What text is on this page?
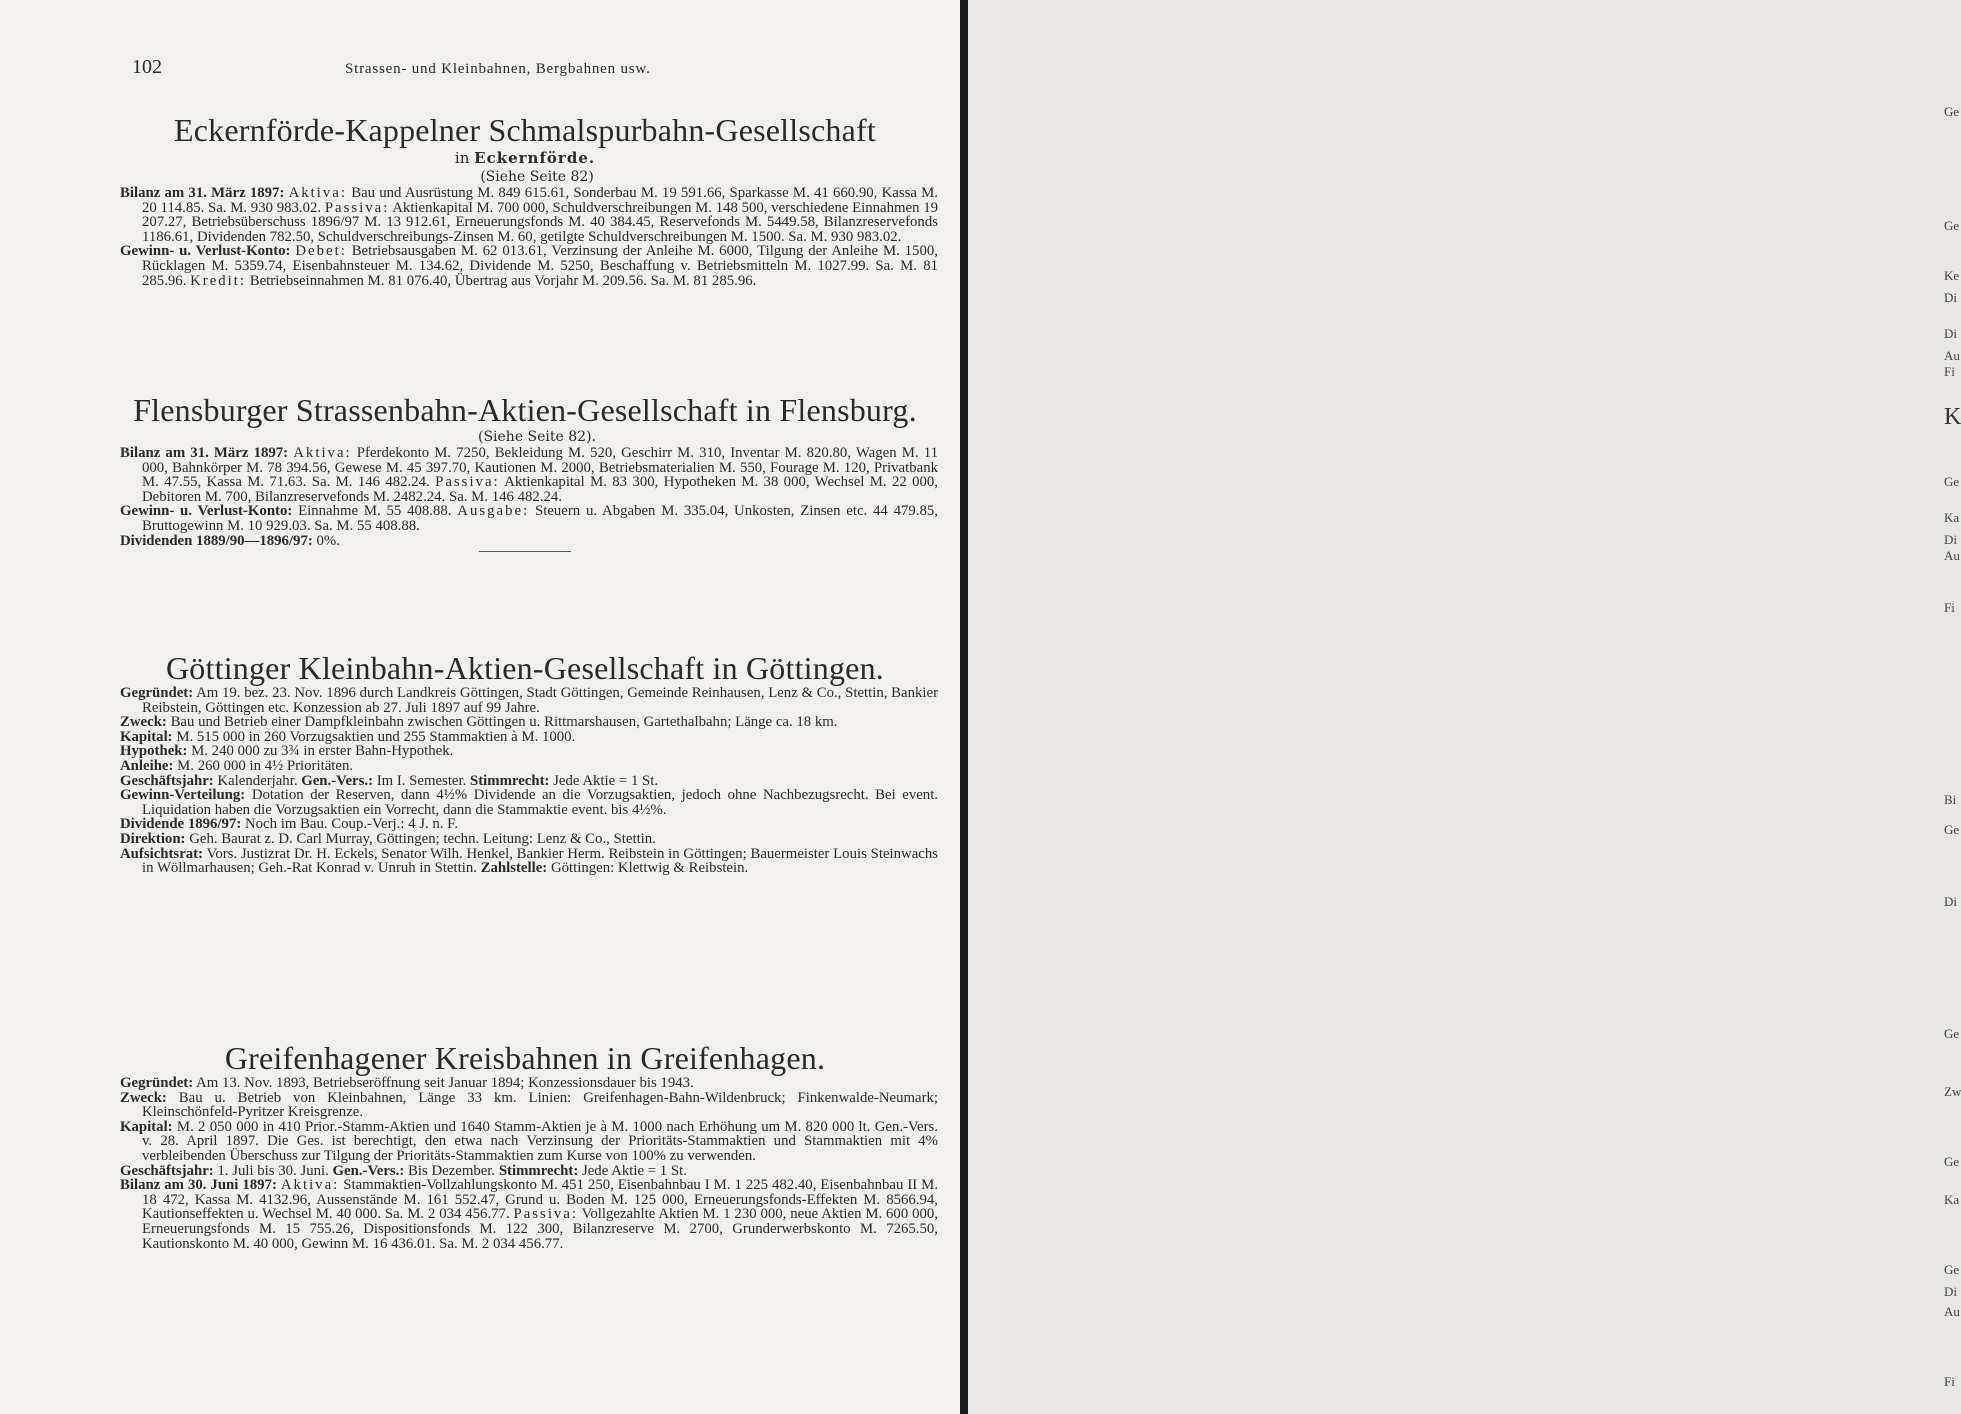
102	Strassen- und Kleinbahnen, Bergbahnen usw.
Eckernförde-Kappelner Schmalspurbahn-Gesellschaft
in Eckernförde.
(Siehe Seite 82)

Bilanz am 31. März 1897: Aktiva: Bau und Ausrüstung M. 849 615.61, Sonderbau M. 19 591.66, Sparkasse M. 41 660.90, Kassa M. 20 114.85. Sa. M. 930 983.02. Passiva: Aktienkapital M. 700 000, Schuldverschreibungen M. 148 500, verschiedene Einnahmen 19 207.27, Betriebsüberschuss 1896/97 M. 13 912.61, Erneuerungsfonds M. 40 384.45, Reservefonds M. 5449.58, Bilanzreservefonds 1186.61, Dividenden 782.50, Schuldverschreibungs-Zinsen M. 60, getilgte Schuldverschreibungen M. 1500. Sa. M. 930 983.02.

Gewinn- u. Verlust-Konto: Debet: Betriebsausgaben M. 62 013.61, Verzinsung der Anleihe M. 6000, Tilgung der Anleihe M. 1500, Rücklagen M. 5359.74, Eisenbahnsteuer M. 134.62, Dividende M. 5250, Beschaffung v. Betriebsmitteln M. 1027.99. Sa. M. 81 285.96. Kredit: Betriebseinnahmen M. 81 076.40, Übertrag aus Vorjahr M. 209.56. Sa. M. 81 285.96.

Flensburger Strassenbahn-Aktien-Gesellschaft in Flensburg.
(Siehe Seite 82).

Bilanz am 31. März 1897: Aktiva: Pferdekonto M. 7250, Bekleidung M. 520, Geschirr M. 310, Inventar M. 820.80, Wagen M. 11 000, Bahnkörper M. 78 394.56, Gewese M. 45 397.70, Kautionen M. 2000, Betriebsmaterialien M. 550, Fourage M. 120, Privatbank M. 47.55, Kassa M. 71.63. Sa. M. 146 482.24. Passiva: Aktienkapital M. 83 300, Hypotheken M. 38 000, Wechsel M. 22 000, Debitoren M. 700, Bilanzreservefonds M. 2482.24. Sa. M. 146 482.24.

Gewinn- u. Verlust-Konto: Einnahme M. 55 408.88. Ausgabe: Steuern u. Abgaben M. 335.04, Unkosten, Zinsen etc. 44 479.85, Bruttogewinn M. 10 929.03. Sa. M. 55 408.88.

Dividenden 1889/90—1896/97: 0%.

Göttinger Kleinbahn-Aktien-Gesellschaft in Göttingen.

Gegründet: Am 19. bez. 23. Nov. 1896 durch Landkreis Göttingen, Stadt Göttingen, Gemeinde Reinhausen, Lenz & Co., Stettin, Bankier Reibstein, Göttingen etc. Konzession ab 27. Juli 1897 auf 99 Jahre.

Zweck: Bau und Betrieb einer Dampfkleinbahn zwischen Göttingen u. Rittmarshausen, Gartethalbahn; Länge ca. 18 km.

Kapital: M. 515 000 in 260 Vorzugsaktien und 255 Stammaktien à M. 1000.

Hypothek: M. 240 000 zu 3¾ in erster Bahn-Hypothek.

Anleihe: M. 260 000 in 4½ Prioritäten.

Geschäftsjahr: Kalenderjahr. Gen.-Vers.: Im I. Semester. Stimmrecht: Jede Aktie = 1 St.

Gewinn-Verteilung: Dotation der Reserven, dann 4½% Dividende an die Vorzugsaktien, jedoch ohne Nachbezugsrecht. Bei event. Liquidation haben die Vorzugsaktien ein Vorrecht, dann die Stammaktie event. bis 4½%.

Dividende 1896/97: Noch im Bau. Coup.-Verj.: 4 J. n. F.

Direktion: Geh. Baurat z. D. Carl Murray, Göttingen; techn. Leitung: Lenz & Co., Stettin.

Aufsichtsrat: Vors. Justizrat Dr. H. Eckels, Senator Wilh. Henkel, Bankier Herm. Reibstein in Göttingen; Bauermeister Louis Steinwachs in Wöllmarhausen; Geh.-Rat Konrad v. Unruh in Stettin. Zahlstelle: Göttingen: Klettwig & Reibstein.

Greifenhagener Kreisbahnen in Greifenhagen.

Gegründet: Am 13. Nov. 1893, Betriebseröffnung seit Januar 1894; Konzessionsdauer bis 1943.

Zweck: Bau u. Betrieb von Kleinbahnen, Länge 33 km. Linien: Greifenhagen-Bahn-Wildenbruck; Finkenwalde-Neumark; Kleinschönfeld-Pyritzer Kreisgrenze.

Kapital: M. 2 050 000 in 410 Prior.-Stamm-Aktien und 1640 Stamm-Aktien je à M. 1000 nach Erhöhung um M. 820 000 lt. Gen.-Vers. v. 28. April 1897. Die Ges. ist berechtigt, den etwa nach Verzinsung der Prioritäts-Stammaktien und Stammaktien mit 4% verbleibenden Überschuss zur Tilgung der Prioritäts-Stammaktien zum Kurse von 100% zu verwenden.

Geschäftsjahr: 1. Juli bis 30. Juni. Gen.-Vers.: Bis Dezember. Stimmrecht: Jede Aktie = 1 St.

Bilanz am 30. Juni 1897: Aktiva: Stammaktien-Vollzahlungskonto M. 451 250, Eisenbahnbau I M. 1 225 482.40, Eisenbahnbau II M. 18 472, Kassa M. 4132.96, Aussenstände M. 161 552.47, Grund u. Boden M. 125 000, Erneuerungsfonds-Effekten M. 8566.94, Kautionseffekten u. Wechsel M. 40 000. Sa. M. 2 034 456.77. Passiva: Vollgezahlte Aktien M. 1 230 000, neue Aktien M. 600 000, Erneuerungsfonds M. 15 755.26, Dispositionsfonds M. 122 300, Bilanzreserve M. 2700, Grunderwerbskonto M. 7265.50, Kautionskonto M. 40 000, Gewinn M. 16 436.01. Sa. M. 2 034 456.77.

Ge
Ge
Ke
Di
Di
Au
Fi
K
Ge
Ka
Di
Au
Fi
Bi
Ge
Di
Ge
Zw
Ge
Ka
Ge
Di
Au
Fi
